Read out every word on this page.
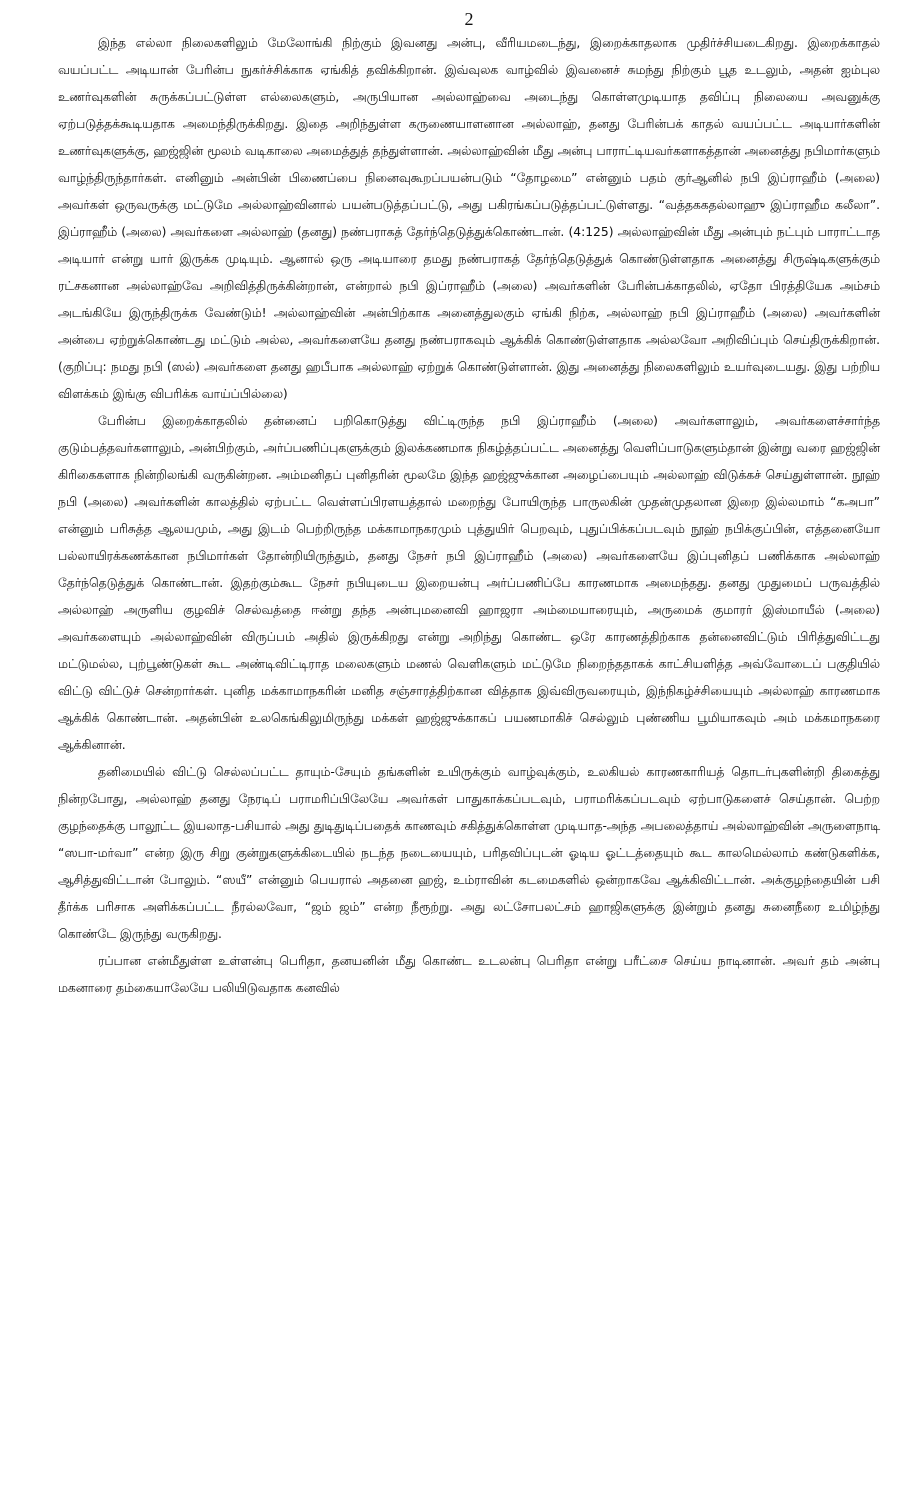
2

இந்த எல்லா நிலைகளிலும் மேலோங்கி நிற்கும் இவனது அன்பு, வீரியமடைந்து, இறைக்காதலாக முதிர்ச்சியடைகிறது. இறைக்காதல் வயப்பட்ட அடியான் பேரின்ப நுகர்ச்சிக்காக ஏங்கித் தவிக்கிறான். இவ்வுலக வாழ்வில் இவனைச் சுமந்து நிற்கும் பூத உடலும், அதன் ஐம்புல உணர்வுகளின் சுருக்கப்பட்டுள்ள எல்லைகளும், அருபியான அல்லாஹ்வை அடைந்து கொள்ளமுடியாத தவிப்பு நிலையை அவனுக்கு ஏற்படுத்தக்கூடியதாக அமைந்திருக்கிறது. இதை அறிந்துள்ள கருணையாளனான அல்லாஹ், தனது பேரின்பக் காதல் வயப்பட்ட அடியார்களின் உணர்வுகளுக்கு, ஹஜ்ஜின் மூலம் வடிகாலை அமைத்துத் தந்துள்ளான். அல்லாஹ்வின் மீது அன்பு பாராட்டியவர்களாகத்தான் அனைத்து நபிமார்களும் வாழ்ந்திருந்தார்கள். எனினும் அன்பின் பிணைப்பை நினைவுகூறப்பயன்படும் “தோழமை” என்னும் பதம் குர்ஆனில் நபி இப்ராஹீம் (அலை) அவர்கள் ஒருவருக்கு மட்டுமே அல்லாஹ்வினால் பயன்படுத்தப்பட்டு, அது பகிரங்கப்படுத்தப்பட்டுள்ளது. “வத்தககதல்லாஹு இப்ராஹீம கலீலா”. இப்ராஹீம் (அலை) அவர்களை அல்லாஹ் (தனது) நண்பராகத் தேர்ந்தெடுத்துக்கொண்டான். (4:125) அல்லாஹ்வின் மீது அன்பும் நட்பும் பாராட்டாத அடியார் என்று யார் இருக்க முடியும். ஆனால் ஒரு அடியாரை தமது நண்பராகத் தேர்ந்தெடுத்துக் கொண்டுள்ளதாக அனைத்து சிருஷ்டிகளுக்கும் ரட்சகனான அல்லாஹ்வே அறிவித்திருக்கின்றான், என்றால் நபி இப்ராஹீம் (அலை) அவர்களின் பேரின்பக்காதலில், ஏதோ பிரத்தியேக அம்சம் அடங்கியே இருந்திருக்க வேண்டும்! அல்லாஹ்வின் அன்பிற்காக அனைத்துலகும் ஏங்கி நிற்க, அல்லாஹ் நபி இப்ராஹீம் (அலை) அவர்களின் அன்பை ஏற்றுக்கொண்டது மட்டும் அல்ல, அவர்களையே தனது நண்பராகவும் ஆக்கிக் கொண்டுள்ளதாக அல்லவோ அறிவிப்பும் செய்திருக்கிறான். (குறிப்பு: நமது நபி (ஸல்) அவர்களை தனது ஹபீபாக அல்லாஹ் ஏற்றுக் கொண்டுள்ளான். இது அனைத்து நிலைகளிலும் உயர்வுடையது. இது பற்றிய விளக்கம் இங்கு விபரிக்க வாய்ப்பில்லை)

பேரின்ப இறைக்காதலில் தன்னைப் பறிகொடுத்து விட்டிருந்த நபி இப்ராஹீம் (அலை) அவர்களாலும், அவர்களைச்சார்ந்த குடும்பத்தவர்களாலும், அன்பிற்கும், அர்ப்பணிப்புகளுக்கும் இலக்கணமாக நிகழ்த்தப்பட்ட அனைத்து வெளிப்பாடுகளும்தான் இன்று வரை ஹஜ்ஜின் கிரிகைகளாக நின்றிலங்கி வருகின்றன. அம்மனிதப் புனிதரின் மூலமே இந்த ஹஜ்ஜுக்கான அழைப்பையும் அல்லாஹ் விடுக்கச் செய்துள்ளான். நூஹ் நபி (அலை) அவர்களின் காலத்தில் ஏற்பட்ட வெள்ளப்பிரளயத்தால் மறைந்து போயிருந்த பாருலகின் முதன்முதலான இறை இல்லமாம் “கஅபா” என்னும் பரிசுத்த ஆலயமும், அது இடம் பெற்றிருந்த மக்காமாநகரமும் புத்துயிர் பெறவும், புதுப்பிக்கப்படவும் நூஹ் நபிக்குப்பின், எத்தனையோ பல்லாயிரக்கணக்கான நபிமார்கள் தோன்றியிருந்தும், தனது நேசர் நபி இப்ராஹீம் (அலை) அவர்களையே இப்புனிதப் பணிக்காக அல்லாஹ் தேர்ந்தெடுத்துக் கொண்டான். இதற்கும்கூட நேசர் நபியுடைய இறையன்பு அர்ப்பணிப்பே காரணமாக அமைந்தது. தனது முதுமைப் பருவத்தில் அல்லாஹ் அருளிய குழவிச் செல்வத்தை ஈன்று தந்த அன்புமனைவி ஹாஜரா அம்மையாரையும், அருமைக் குமாரர் இஸ்மாயீல் (அலை) அவர்களையும் அல்லாஹ்வின் விருப்பம் அதில் இருக்கிறது என்று அறிந்து கொண்ட ஒரே காரணத்திற்காக தன்னைவிட்டும் பிரித்துவிட்டது மட்டுமல்ல, புற்பூண்டுகள் கூட அண்டிவிட்டிராத மலைகளும் மணல் வெளிகளும் மட்டுமே நிறைந்ததாகக் காட்சியளித்த அவ்வோடைப் பகுதியில் விட்டு விட்டுச் சென்றார்கள். புனித மக்காமாநகரின் மனித சஞ்சாரத்திற்கான வித்தாக இவ்விருவரையும், இந்நிகழ்ச்சியையும் அல்லாஹ் காரணமாக ஆக்கிக் கொண்டான். அதன்பின் உலகெங்கிலுமிருந்து மக்கள் ஹஜ்ஜுக்காகப் பயணமாகிச் செல்லும் புண்ணிய பூமியாகவும் அம் மக்கமாநகரை ஆக்கினான்.

தனிமையில் விட்டு செல்லப்பட்ட தாயும்-சேயும் தங்களின் உயிருக்கும் வாழ்வுக்கும், உலகியல் காரணகாரியத் தொடர்புகளின்றி திகைத்து நின்றபோது, அல்லாஹ் தனது நேரடிப் பராமரிப்பிலேயே அவர்கள் பாதுகாக்கப்படவும், பராமரிக்கப்படவும் ஏற்பாடுகளைச் செய்தான். பெற்ற குழந்தைக்கு பாலூட்ட இயலாத-பசியால் அது துடிதுடிப்பதைக் காணவும் சகித்துக்கொள்ள முடியாத-அந்த அபலைத்தாய் அல்லாஹ்வின் அருளைநாடி “ஸபா-மர்வா” என்ற இரு சிறு குன்றுகளுக்கிடையில் நடந்த நடையையும், பரிதவிப்புடன் ஓடிய ஓட்டத்தையும் கூட காலமெல்லாம் கண்டுகளிக்க, ஆசித்துவிட்டான் போலும். “ஸயீ” என்னும் பெயரால் அதனை ஹஜ், உம்ராவின் கடமைகளில் ஒன்றாகவே ஆக்கிவிட்டான். அக்குழந்தையின் பசி தீர்க்க பரிசாக அளிக்கப்பட்ட நீரல்லவோ, “ஜம் ஜம்” என்ற நீரூற்று. அது லட்சோபலட்சம் ஹாஜிகளுக்கு இன்றும் தனது சுனைநீரை உமிழ்ந்து கொண்டே இருந்து வருகிறது.

ரப்பான என்மீதுள்ள உள்ளன்பு பெரிதா, தனயனின் மீது கொண்ட உடலன்பு பெரிதா என்று பரீட்சை செய்ய நாடினான். அவர் தம் அன்பு மகனாரை தம்கையாலேயே பலியிடுவதாக கனவில்
